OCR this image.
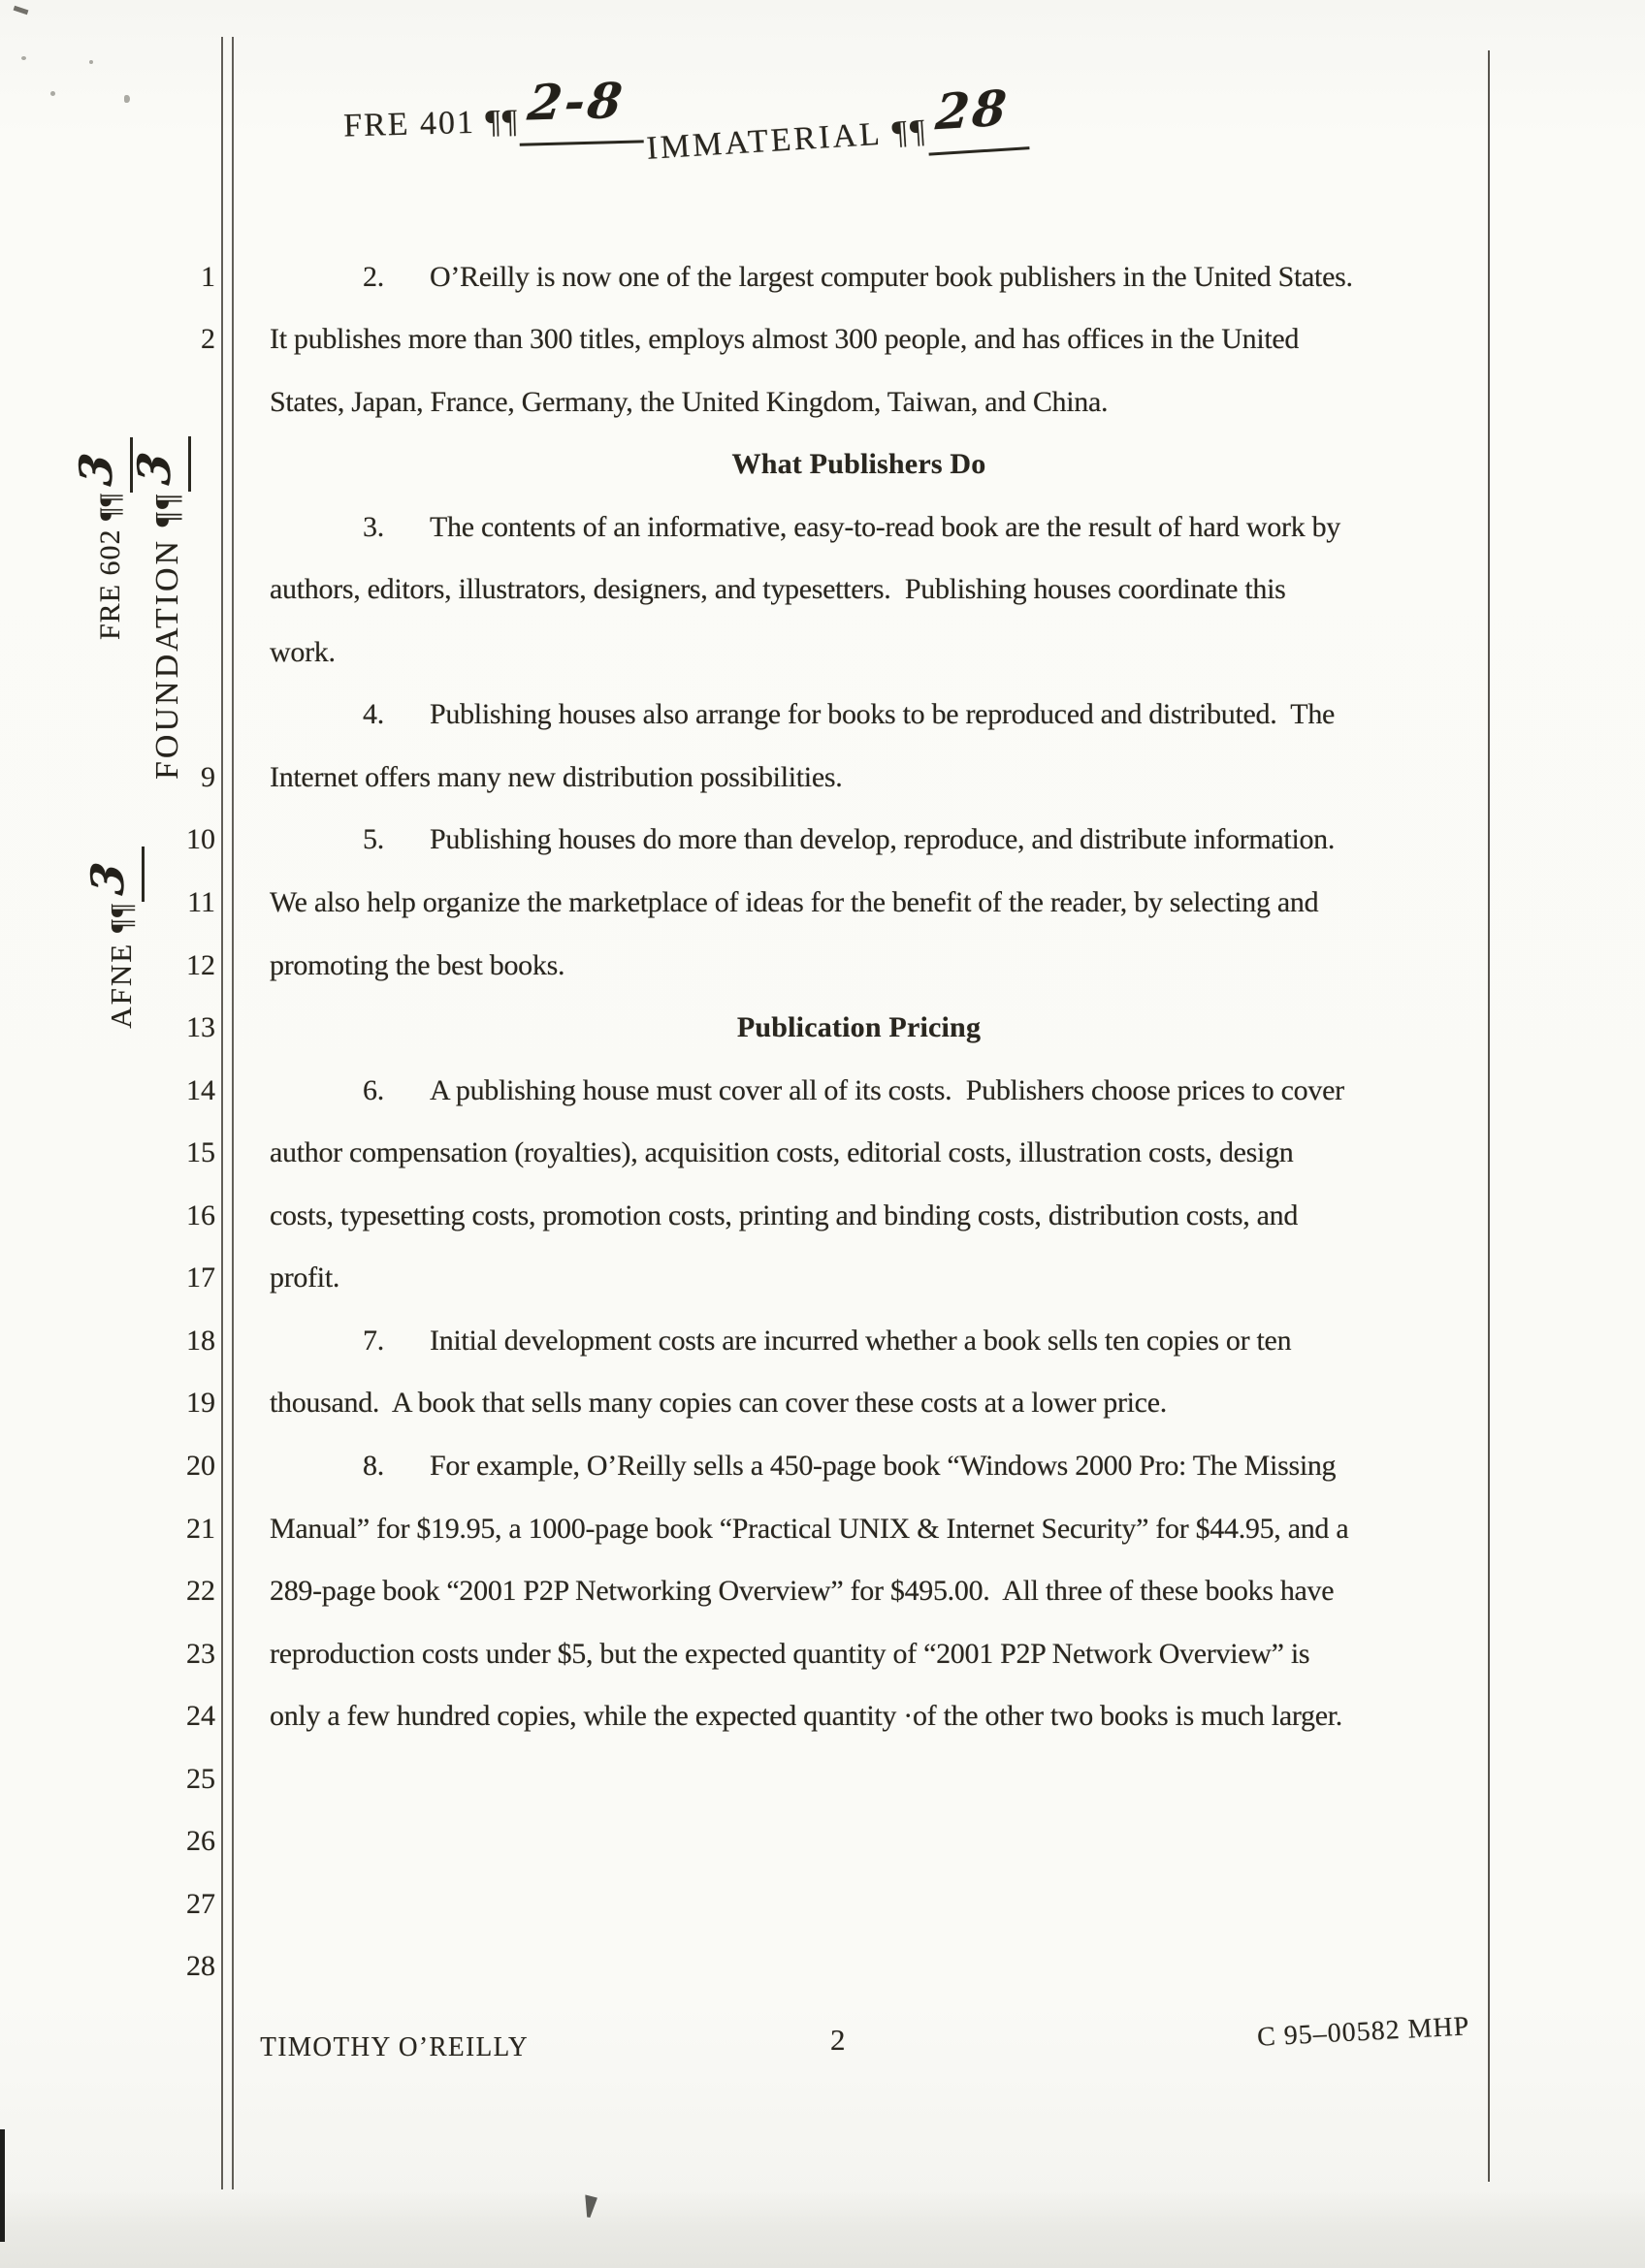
FRE 401 ¶¶ 2-8

IMMATERIAL ¶¶ 28

FRE 602 ¶¶3

FOUNDATION ¶¶3

AFNE ¶¶3

1
2
9
10
11
12
13
14
15
16
17
18
19
20
21
22
23
24
25
26
27
28
2. O’Reilly is now one of the largest computer book publishers in the United States.
It publishes more than 300 titles, employs almost 300 people, and has offices in the United
States, Japan, France, Germany, the United Kingdom, Taiwan, and China.
What Publishers Do
3. The contents of an informative, easy-to-read book are the result of hard work by
authors, editors, illustrators, designers, and typesetters.  Publishing houses coordinate this
work.
4. Publishing houses also arrange for books to be reproduced and distributed.  The
Internet offers many new distribution possibilities.
5. Publishing houses do more than develop, reproduce, and distribute information.
We also help organize the marketplace of ideas for the benefit of the reader, by selecting and
promoting the best books.
Publication Pricing
6. A publishing house must cover all of its costs.  Publishers choose prices to cover
author compensation (royalties), acquisition costs, editorial costs, illustration costs, design
costs, typesetting costs, promotion costs, printing and binding costs, distribution costs, and
profit.
7. Initial development costs are incurred whether a book sells ten copies or ten
thousand.  A book that sells many copies can cover these costs at a lower price.
8. For example, O’Reilly sells a 450-page book “Windows 2000 Pro: The Missing
Manual” for $19.95, a 1000-page book “Practical UNIX & Internet Security” for $44.95, and a
289-page book “2001 P2P Networking Overview” for $495.00.  All three of these books have
reproduction costs under $5, but the expected quantity of “2001 P2P Network Overview” is
only a few hundred copies, while the expected quantity ·of the other two books is much larger.
TIMOTHY O’REILLY	2	C 95–00582 MHP
